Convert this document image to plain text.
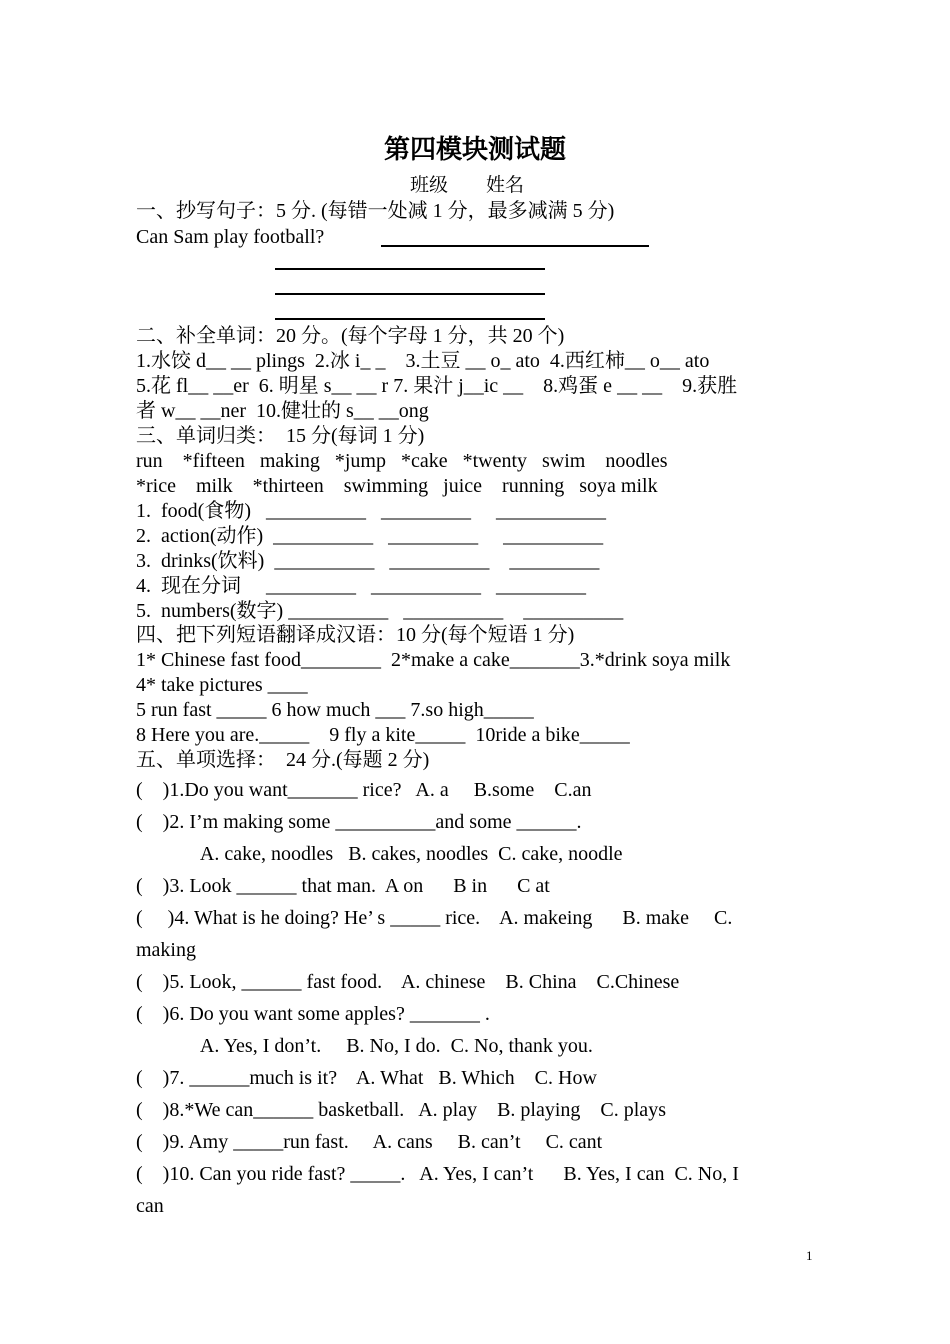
第四模块测试题
班级        姓名
一、抄写句子：5 分. (每错一处减 1 分，最多减满 5 分)
Can Sam play football?
二、补全单词：20 分。(每个字母 1 分，共 20 个)
1.水饺 d__ __ plings  2.冰 i_ _    3.土豆 __ o_ ato  4.西红柿__ o__ ato
5.花 fl__ __er  6. 明星 s__ __ r 7. 果汁 j__ic __    8.鸡蛋 e __ __    9.获胜
者 w__ __ner  10.健壮的 s__ __ong
三、单词归类：  15 分(每词 1 分)
run    *fifteen   making   *jump   *cake   *twenty   swim    noodles
*rice    milk    *thirteen    swimming   juice    running   soya milk
1.  food(食物)   __________   _________     ___________
2.  action(动作)  __________   _________     __________
3.  drinks(饮料)  __________   __________    _________
4.  现在分词     _________   ___________   _________
5.  numbers(数字) __________   __________    __________
四、把下列短语翻译成汉语：10 分(每个短语 1 分)
1* Chinese fast food________  2*make a cake_______3.*drink soya milk
4* take pictures ____
5 run fast _____ 6 how much ___ 7.so high_____
8 Here you are._____    9 fly a kite_____  10ride a bike_____
五、单项选择：  24 分.(每题 2 分)
(    )1.Do you want_______ rice?   A. a     B.some    C.an
(    )2. I’m making some __________and some ______.
A. cake, noodles   B. cakes, noodles  C. cake, noodle
(    )3. Look ______ that man.  A on      B in      C at
(     )4. What is he doing? He’ s _____ rice.    A. makeing      B. make     C.
making
(    )5. Look, ______ fast food.    A. chinese    B. China    C.Chinese
(    )6. Do you want some apples? _______ .
A. Yes, I don’t.     B. No, I do.  C. No, thank you.
(    )7. ______much is it?    A. What   B. Which    C. How
(    )8.*We can______ basketball.   A. play    B. playing    C. plays
(    )9. Amy _____run fast.     A. cans     B. can’t     C. cant
(    )10. Can you ride fast? _____.   A. Yes, I can’t      B. Yes, I can  C. No, I
can
1
